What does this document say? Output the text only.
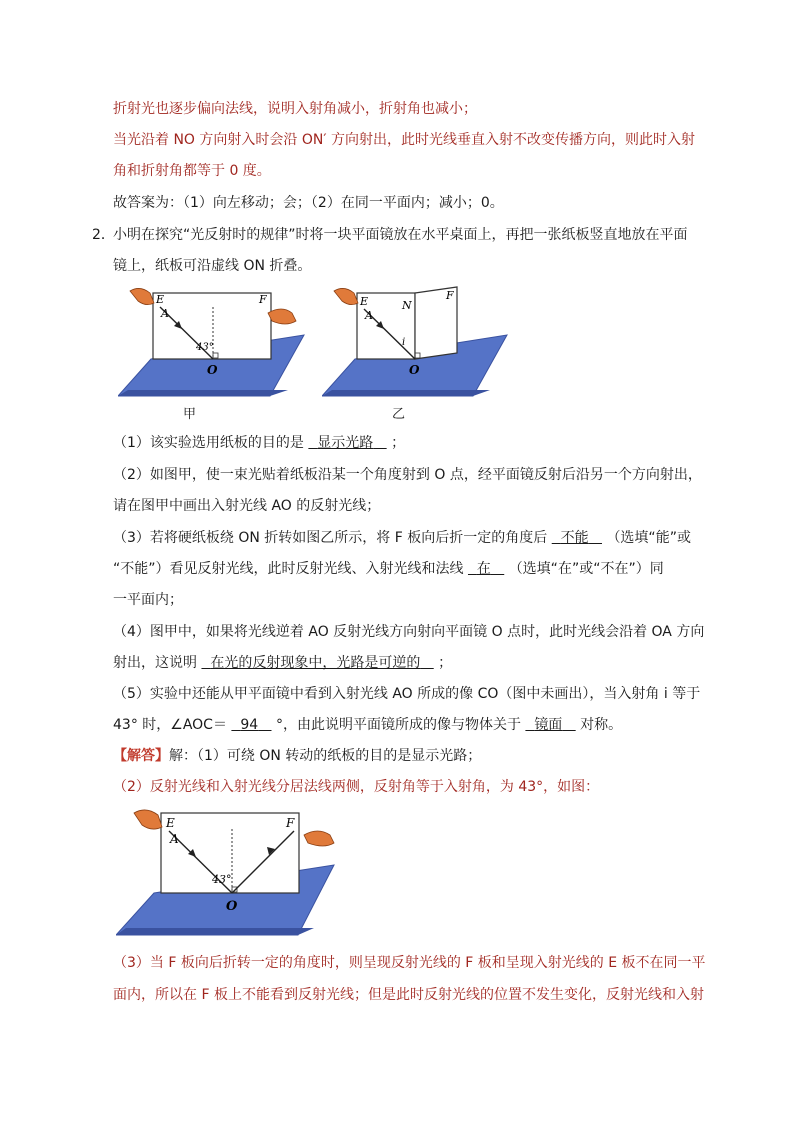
折射光也逐步偏向法线，说明入射角减小，折射角也减小；
当光沿着 NO 方向射入时会沿 ON′ 方向射出，此时光线垂直入射不改变传播方向，则此时入射
角和折射角都等于 0 度。
故答案为：（1）向左移动；会；（2）在同一平面内；减小；0。
2．
小明在探究“光反射时的规律”时将一块平面镜放在水平桌面上，再把一张纸板竖直地放在平面
镜上，纸板可沿虚线 ON 折叠。
E
A
F
43°
O
甲
E
A
N
F
i
O
乙
（1）该实验选用纸板的目的是 显示光路 ；
（2）如图甲，使一束光贴着纸板沿某一个角度射到 O 点，经平面镜反射后沿另一个方向射出，
请在图甲中画出入射光线 AO 的反射光线；
（3）若将硬纸板绕 ON 折转如图乙所示，将 F 板向后折一定的角度后 不能 （选填“能”或
“不能”）看见反射光线，此时反射光线、入射光线和法线 在 （选填“在”或“不在”）同
一平面内；
（4）图甲中，如果将光线逆着 AO 反射光线方向射向平面镜 O 点时，此时光线会沿着 OA 方向
射出，这说明 在光的反射现象中，光路是可逆的 ；
（5）实验中还能从甲平面镜中看到入射光线 AO 所成的像 CO（图中未画出），当入射角 i 等于
43° 时，∠AOC＝ 94 °，由此说明平面镜所成的像与物体关于 镜面 对称。
【解答】解：（1）可绕 ON 转动的纸板的目的是显示光路；
（2）反射光线和入射光线分居法线两侧，反射角等于入射角，为 43°，如图：
E
A
F
43°
O
（3）当 F 板向后折转一定的角度时，则呈现反射光线的 F 板和呈现入射光线的 E 板不在同一平
面内，所以在 F 板上不能看到反射光线；但是此时反射光线的位置不发生变化，反射光线和入射
